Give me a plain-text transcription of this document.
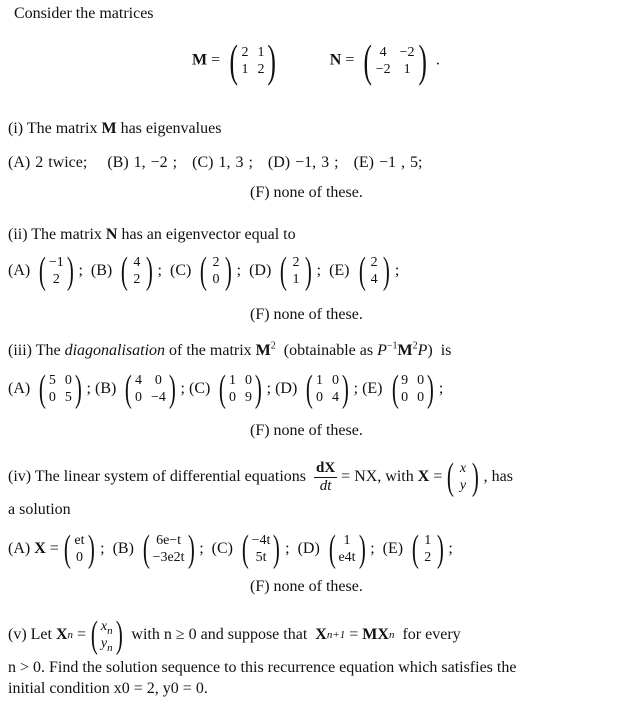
Consider the matrices
M = ( 2 1
1 2 )	N = ( 4 −2
−2 1 ) .
(i) The matrix M has eigenvalues
(A) 2 twice; (B) 1, −2 ; (C) 1, 3 ; (D) −1, 3 ; (E) −1 , 5;
(F) none of these.
(ii) The matrix N has an eigenvector equal to
(A)
( −1
2 ) ;
(B)
( 4
2 ) ;
(C)
( 2
0 ) ;
(D)
( 2
1 ) ;
(E)
( 2
4 ) ;
(F) none of these.
(iii) The diagonalisation of the matrix $M^2$ (obtainable as $P^{-1}M^2P$)  is
(A)
( 5 0
0 5 ) ;
(B)
( 4 0
0 −4 ) ;
(C)
( 1 0
0 9 ) ;
(D)
( 1 0
0 4 ) ;
(E)
( 9 0
0 0 ) ;
(F) none of these.
(iv) The linear system of differential equations
$\frac{dX}{dt}$
= NX, with
X = ( x
y ) , has
a solution
(A)
X = ( et
0 ) ;
(B)
( 6e−t
−3e2t ) ;
(C)
( −4t
5t ) ;
(D)
( 1
e4t ) ;
(E)
( 1
2 ) ;
(F) none of these.
(v) Let
X n = ( $x_n$
$y_n$ )
with n ≥ 0 and suppose that
X n+1 = MX n
for every
n > 0. Find the solution sequence to this recurrence equation which satisfies the
initial condition x0 = 2, y0 = 0.
